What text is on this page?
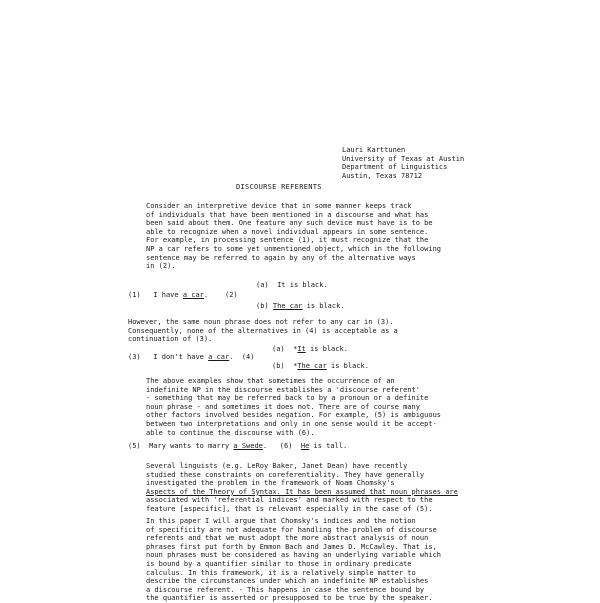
Lauri Karttunen
University of Texas at Austin
Department of Linguistics
Austin, Texas 78712
DISCOURSE REFERENTS
Consider an interpretive device that in some manner keeps track
of individuals that have been mentioned in a discourse and what has
been said about them. One feature any such device must have is to be
able to recognize when a novel individual appears in some sentence.
For example, in processing sentence (1), it must recognize that the
NP a car refers to some yet unmentioned object, which in the following
sentence may be referred to again by any of the alternative ways
in (2).
(a) It is black.
(1) I have a car. (2)
(b) The car is black.
However, the same noun phrase does not refer to any car in (3).
Consequently, none of the alternatives in (4) is acceptable as a
continuation of (3).
(a) *It is black.
(3) I don't have a car. (4)
(b) *The car is black.
The above examples show that sometimes the occurrence of an
indefinite NP in the discourse establishes a 'discourse referent'
- something that may be referred back to by a pronoun or a definite
noun phrase - and sometimes it does not. There are of course many
other factors involved besides negation. For example, (5) is ambiguous
between two interpretations and only in one sense would it be accept-
able to continue the discourse with (6).
(5) Mary wants to marry a Swede. (6) He is tall.
Several linguists (e.g. LeRoy Baker, Janet Dean) have recently
studied these constraints on coreferentiality. They have generally
investigated the problem in the framework of Noam Chomsky's
Aspects of the Theory of Syntax. It has been assumed that noun phrases are
associated with 'referential indices' and marked with respect to the
feature [±specific], that is relevant especially in the case of (5).
In this paper I will argue that Chomsky's indices and the notion
of specificity are not adequate for handling the problem of discourse
referents and that we must adopt the more abstract analysis of noun
phrases first put forth by Emmon Bach and James D. McCawley. That is,
noun phrases must be considered as having an underlying variable which
is bound by a quantifier similar to those in ordinary predicate
calculus. In this framework, it is a relatively simple matter to
describe the circumstances under which an indefinite NP establishes
a discourse referent. - This happens in case the sentence bound by
the quantifier is asserted or presupposed to be true by the speaker.
